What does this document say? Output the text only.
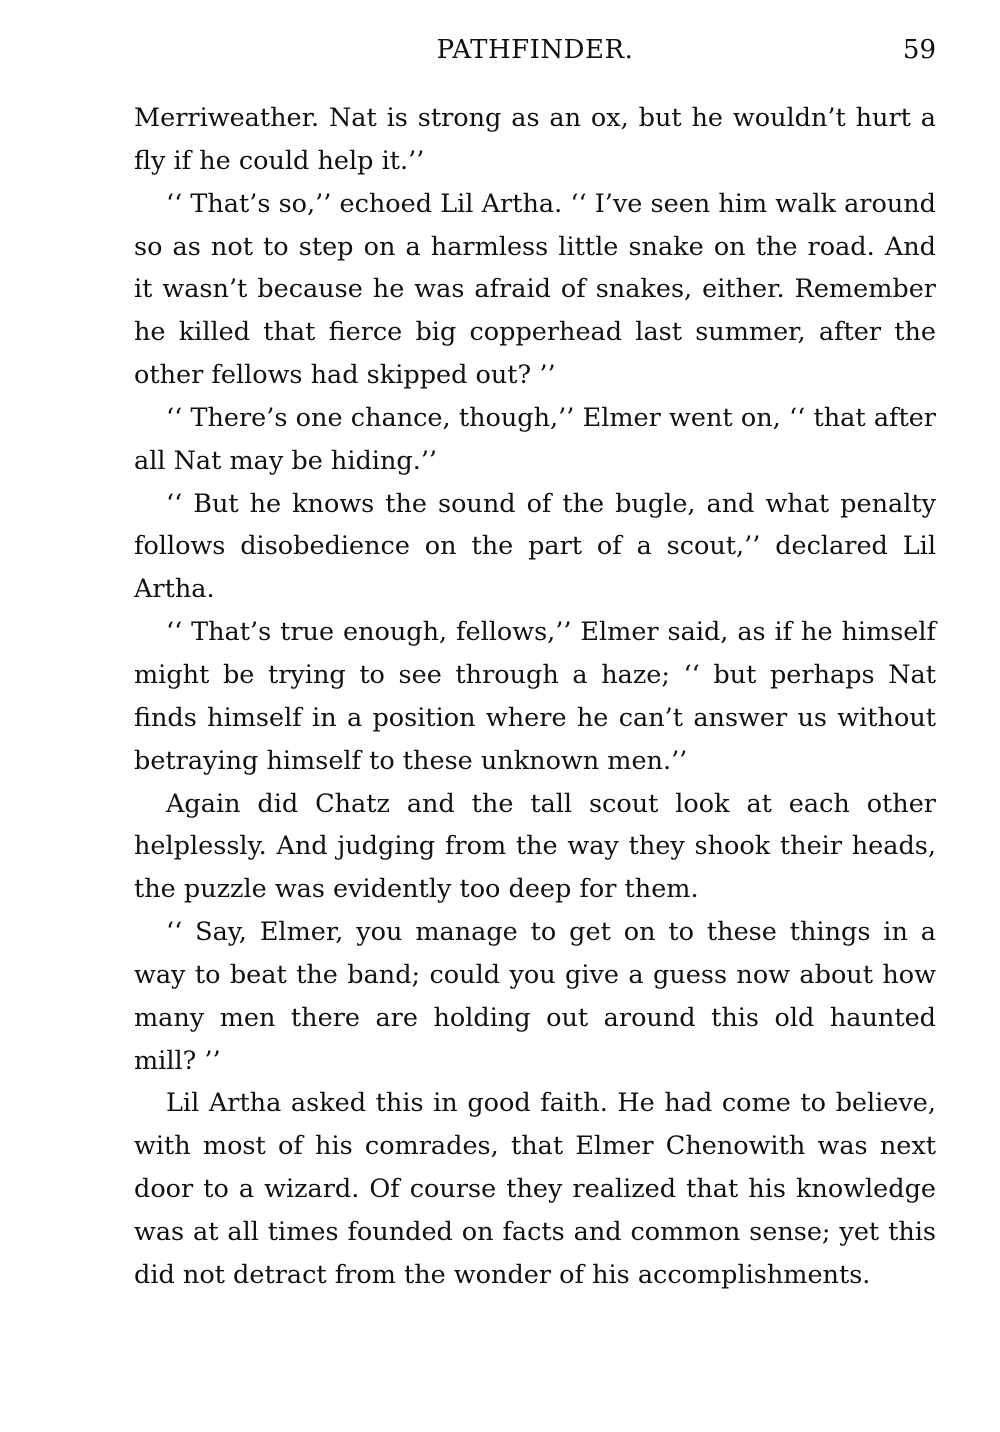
PATHFINDER.	59

Merriweather. Nat is strong as an ox, but he wouldn’t hurt a fly if he could help it.’’

‘‘ That’s so,’’ echoed Lil Artha. ‘‘ I’ve seen him walk around so as not to step on a harmless little snake on the road. And it wasn’t because he was afraid of snakes, either. Remember he killed that fierce big copperhead last summer, after the other fellows had skipped out? ’’

‘‘ There’s one chance, though,’’ Elmer went on, ‘‘ that after all Nat may be hiding.’’

‘‘ But he knows the sound of the bugle, and what penalty follows disobedience on the part of a scout,’’ declared Lil Artha.

‘‘ That’s true enough, fellows,’’ Elmer said, as if he himself might be trying to see through a haze; ‘‘ but perhaps Nat finds himself in a position where he can’t answer us without betraying himself to these unknown men.’’

Again did Chatz and the tall scout look at each other helplessly. And judging from the way they shook their heads, the puzzle was evidently too deep for them.

‘‘ Say, Elmer, you manage to get on to these things in a way to beat the band; could you give a guess now about how many men there are holding out around this old haunted mill? ’’

Lil Artha asked this in good faith. He had come to believe, with most of his comrades, that Elmer Chenowith was next door to a wizard. Of course they realized that his knowledge was at all times founded on facts and common sense; yet this did not detract from the wonder of his accomplishments.
